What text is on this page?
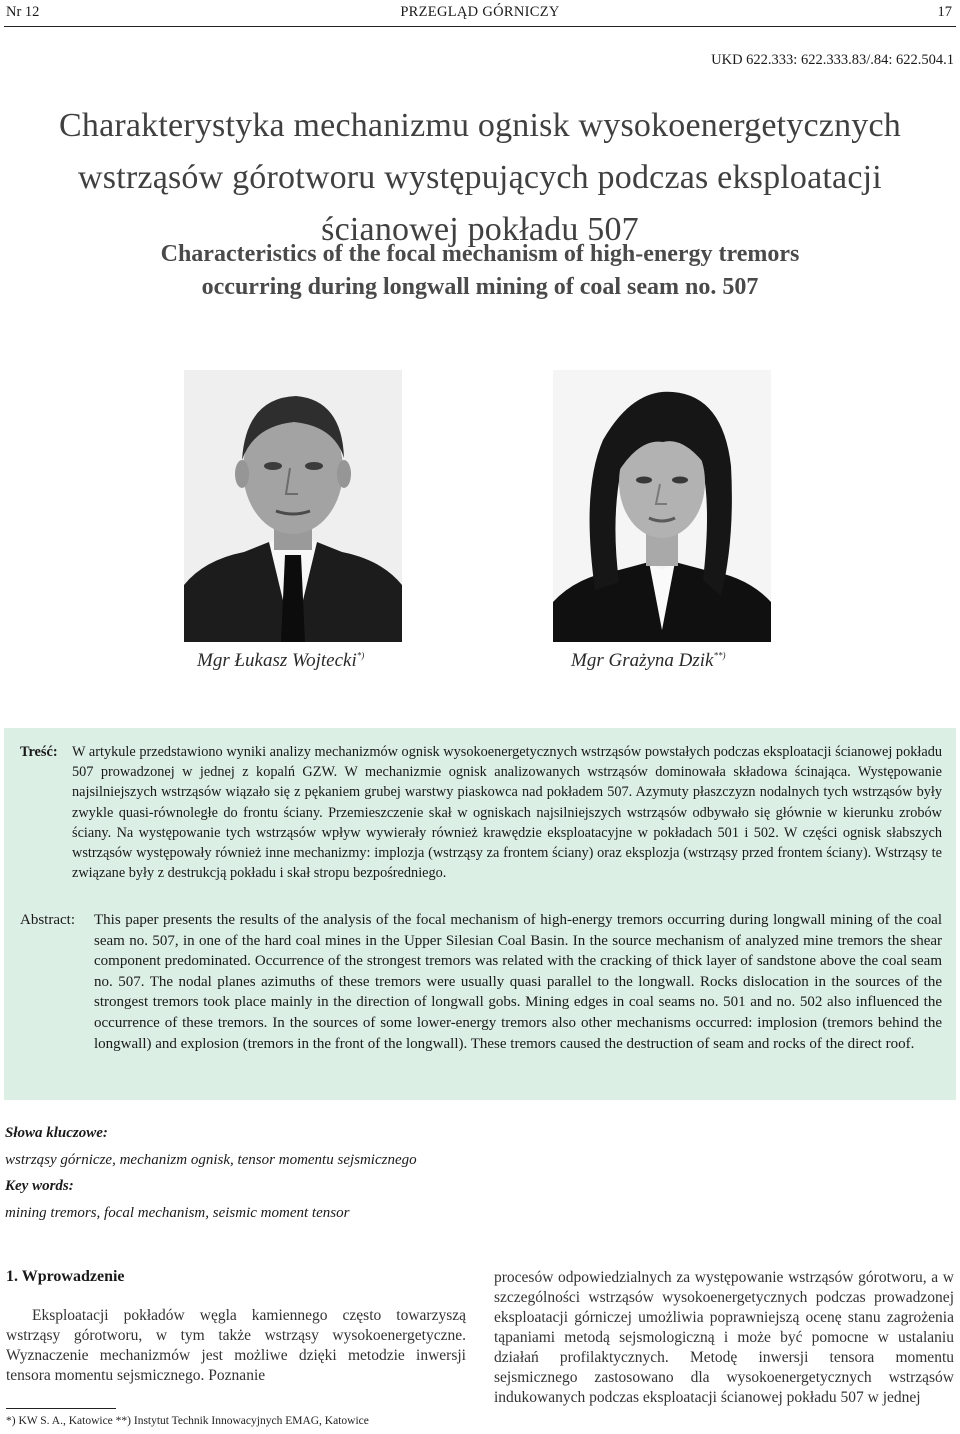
Nr 12	PRZEGLĄD GÓRNICZY	17
UKD 622.333: 622.333.83/.84: 622.504.1
Charakterystyka mechanizmu ognisk wysokoenergetycznych
wstrząsów górotworu występujących podczas eksploatacji
ścianowej pokładu 507
Characteristics of the focal mechanism of high-energy tremors
occurring during longwall mining of coal seam no. 507
Mgr Łukasz Wojtecki*)	Mgr Grażyna Dzik**)
Treść: W artykule przedstawiono wyniki analizy mechanizmów ognisk wysokoenergetycznych wstrząsów powstałych podczas eksploatacji ścianowej pokładu 507 prowadzonej w jednej z kopalń GZW. W mechanizmie ognisk analizowanych wstrząsów dominowała składowa ścinająca. Występowanie najsilniejszych wstrząsów wiązało się z pękaniem grubej warstwy piaskowca nad pokładem 507. Azymuty płaszczyzn nodalnych tych wstrząsów były zwykle quasi-równoległe do frontu ściany. Przemieszczenie skał w ogniskach najsilniejszych wstrząsów odbywało się głównie w kierunku zrobów ściany. Na występowanie tych wstrząsów wpływ wywierały również krawędzie eksploatacyjne w pokładach 501 i 502. W części ognisk słabszych wstrząsów występowały również inne mechanizmy: implozja (wstrząsy za frontem ściany) oraz eksplozja (wstrząsy przed frontem ściany). Wstrząsy te związane były z destrukcją pokładu i skał stropu bezpośredniego.
Abstract: This paper presents the results of the analysis of the focal mechanism of high-energy tremors occurring during longwall mining of the coal seam no. 507, in one of the hard coal mines in the Upper Silesian Coal Basin. In the source mechanism of analyzed mine tremors the shear component predominated. Occurrence of the strongest tremors was related with the cracking of thick layer of sandstone above the coal seam no. 507. The nodal planes azimuths of these tremors were usually quasi parallel to the longwall. Rocks dislocation in the sources of the strongest tremors took place mainly in the direction of longwall gobs. Mining edges in coal seams no. 501 and no. 502 also influenced the occurrence of these tremors. In the sources of some lower-energy tremors also other mechanisms occurred: implosion (tremors behind the longwall) and explosion (tremors in the front of the longwall). These tremors caused the destruction of seam and rocks of the direct roof.
Słowa kluczowe:
wstrząsy górnicze, mechanizm ognisk, tensor momentu sejsmicznego
Key words:
mining tremors, focal mechanism, seismic moment tensor
1. Wprowadzenie
Eksploatacji pokładów węgla kamiennego często towarzyszą wstrząsy górotworu, w tym także wstrząsy wysokoenergetyczne. Wyznaczenie mechanizmów jest możliwe dzięki metodzie inwersji tensora momentu sejsmicznego. Poznanie
procesów odpowiedzialnych za występowanie wstrząsów górotworu, a w szczególności wstrząsów wysokoenergetycznych podczas prowadzonej eksploatacji górniczej umożliwia poprawniejszą ocenę stanu zagrożenia tąpaniami metodą sejsmologiczną i może być pomocne w ustalaniu działań profilaktycznych. Metodę inwersji tensora momentu sejsmicznego zastosowano dla wysokoenergetycznych wstrząsów indukowanych podczas eksploatacji ścianowej pokładu 507 w jednej
*) KW S. A., Katowice **) Instytut Technik Innowacyjnych EMAG, Katowice
